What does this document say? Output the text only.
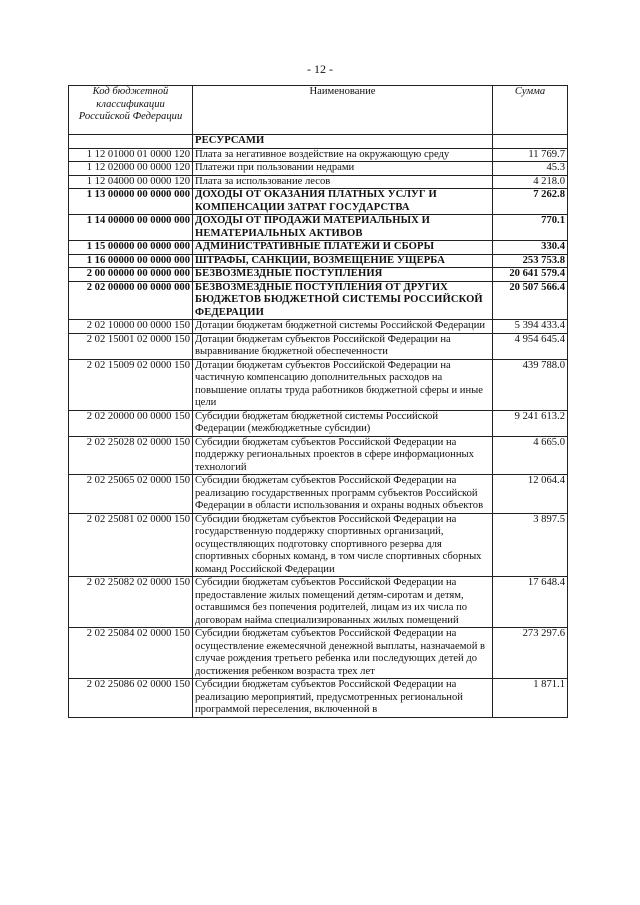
- 12 -
Код бюджетной классификации Российской Федерации	Наименование	Сумма
	РЕСУРСАМИ	
1 12 01000 01 0000 120	Плата за негативное воздействие на окружающую среду	11 769.7
1 12 02000 00 0000 120	Платежи при пользовании недрами	45.3
1 12 04000 00 0000 120	Плата за использование лесов	4 218.0
1 13 00000 00 0000 000	ДОХОДЫ ОТ ОКАЗАНИЯ ПЛАТНЫХ УСЛУГ И КОМПЕНСАЦИИ ЗАТРАТ ГОСУДАРСТВА	7 262.8
1 14 00000 00 0000 000	ДОХОДЫ ОТ ПРОДАЖИ МАТЕРИАЛЬНЫХ И НЕМАТЕРИАЛЬНЫХ АКТИВОВ	770.1
1 15 00000 00 0000 000	АДМИНИСТРАТИВНЫЕ ПЛАТЕЖИ И СБОРЫ	330.4
1 16 00000 00 0000 000	ШТРАФЫ, САНКЦИИ, ВОЗМЕЩЕНИЕ УЩЕРБА	253 753.8
2 00 00000 00 0000 000	БЕЗВОЗМЕЗДНЫЕ ПОСТУПЛЕНИЯ	20 641 579.4
2 02 00000 00 0000 000	БЕЗВОЗМЕЗДНЫЕ ПОСТУПЛЕНИЯ ОТ ДРУГИХ БЮДЖЕТОВ БЮДЖЕТНОЙ СИСТЕМЫ РОССИЙСКОЙ ФЕДЕРАЦИИ	20 507 566.4
2 02 10000 00 0000 150	Дотации бюджетам бюджетной системы Российской Федерации	5 394 433.4
2 02 15001 02 0000 150	Дотации бюджетам субъектов Российской Федерации на выравнивание бюджетной обеспеченности	4 954 645.4
2 02 15009 02 0000 150	Дотации бюджетам субъектов Российской Федерации на частичную компенсацию дополнительных расходов на повышение оплаты труда работников бюджетной сферы и иные цели	439 788.0
2 02 20000 00 0000 150	Субсидии бюджетам бюджетной системы Российской Федерации (межбюджетные субсидии)	9 241 613.2
2 02 25028 02 0000 150	Субсидии бюджетам субъектов Российской Федерации на поддержку региональных проектов в сфере информационных технологий	4 665.0
2 02 25065 02 0000 150	Субсидии бюджетам субъектов Российской Федерации на реализацию государственных программ субъектов Российской Федерации в области использования и охраны водных объектов	12 064.4
2 02 25081 02 0000 150	Субсидии бюджетам субъектов Российской Федерации на государственную поддержку спортивных организаций, осуществляющих подготовку спортивного резерва для спортивных сборных команд, в том числе спортивных сборных команд Российской Федерации	3 897.5
2 02 25082 02 0000 150	Субсидии бюджетам субъектов Российской Федерации на предоставление жилых помещений детям-сиротам и детям, оставшимся без попечения родителей, лицам из их числа по договорам найма специализированных жилых помещений	17 648.4
2 02 25084 02 0000 150	Субсидии бюджетам субъектов Российской Федерации на осуществление ежемесячной денежной выплаты, назначаемой в случае рождения третьего ребенка или последующих детей до достижения ребенком возраста трех лет	273 297.6
2 02 25086 02 0000 150	Субсидии бюджетам субъектов Российской Федерации на реализацию мероприятий, предусмотренных региональной программой переселения, включенной в	1 871.1
